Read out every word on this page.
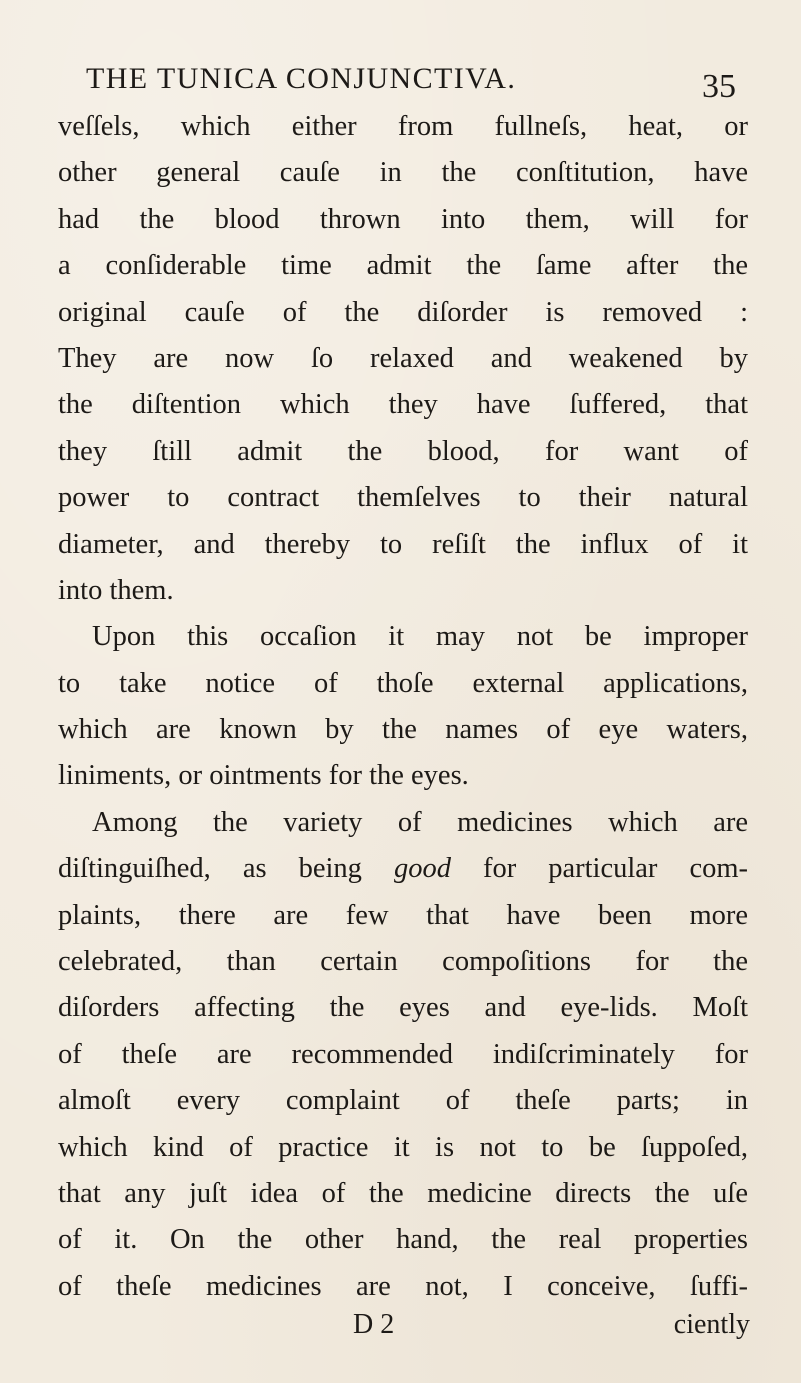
THE TUNICA CONJUNCTIVA.	35
veſſels, which either from fullneſs, heat, or
other general cauſe in the conſtitution, have
had the blood thrown into them, will for
a conſiderable time admit the ſame after the
original cauſe of the diſorder is removed :
They are now ſo relaxed and weakened by
the diſtention which they have ſuffered, that
they ſtill admit the blood, for want of
power to contract themſelves to their natural
diameter, and thereby to reſiſt the influx of it
into them.
Upon this occaſion it may not be improper
to take notice of thoſe external applications,
which are known by the names of eye waters,
liniments, or ointments for the eyes.
Among the variety of medicines which are
diſtinguiſhed, as being good for particular com-
plaints, there are few that have been more
celebrated, than certain compoſitions for the
diſorders affecting the eyes and eye-lids. Moſt
of theſe are recommended indiſcriminately for
almoſt every complaint of theſe parts; in
which kind of practice it is not to be ſuppoſed,
that any juſt idea of the medicine directs the uſe
of it. On the other hand, the real properties
of theſe medicines are not, I conceive, ſuffi-
D 2	ciently
